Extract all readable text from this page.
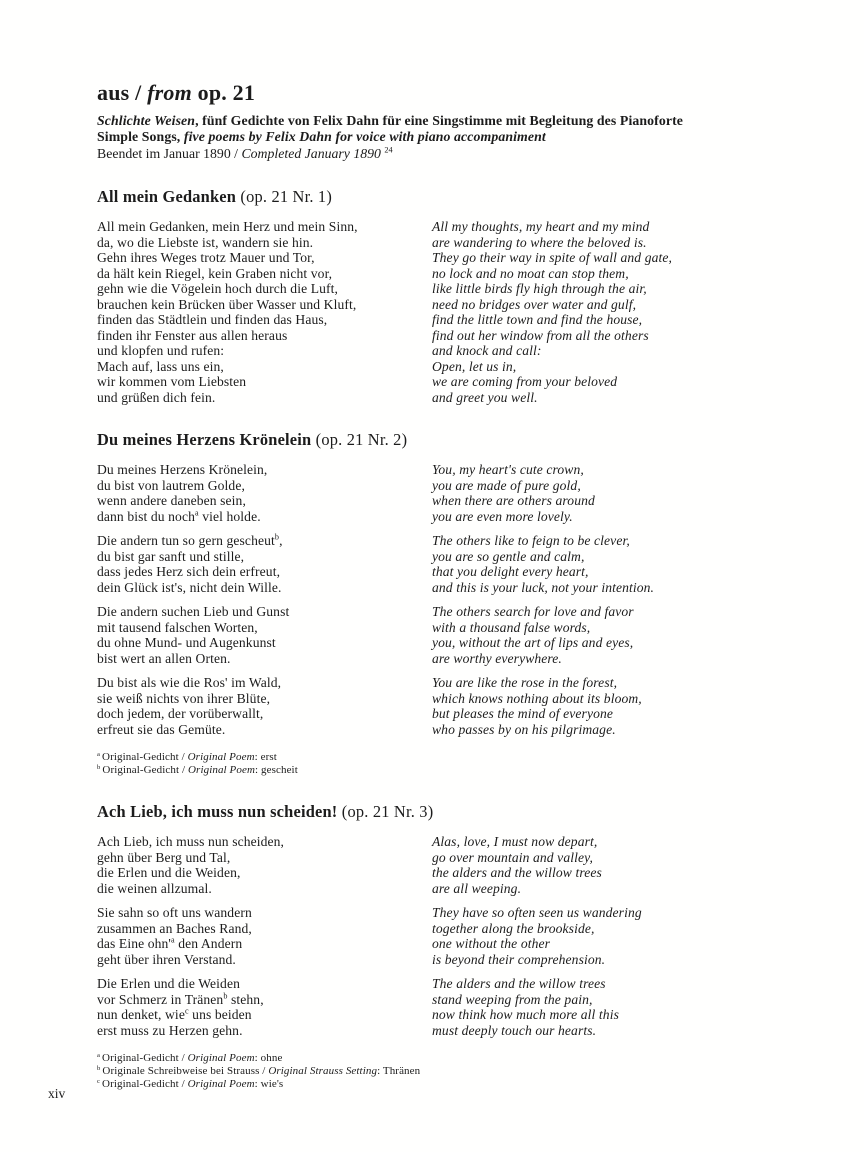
aus / from op. 21

Schlichte Weisen, fünf Gedichte von Felix Dahn für eine Singstimme mit Begleitung des Pianoforte

Simple Songs, five poems by Felix Dahn for voice with piano accompaniment

Beendet im Januar 1890 / Completed January 1890 $^{24}$

All mein Gedanken (op. 21 Nr. 1)
All mein Gedanken, mein Herz und mein Sinn,
da, wo die Liebste ist, wandern sie hin.
Gehn ihres Weges trotz Mauer und Tor,
da hält kein Riegel, kein Graben nicht vor,
gehn wie die Vögelein hoch durch die Luft,
brauchen kein Brücken über Wasser und Kluft,
finden das Städtlein und finden das Haus,
finden ihr Fenster aus allen heraus
und klopfen und rufen:
Mach auf, lass uns ein,
wir kommen vom Liebsten
und grüßen dich fein.
All my thoughts, my heart and my mind
are wandering to where the beloved is.
They go their way in spite of wall and gate,
no lock and no moat can stop them,
like little birds fly high through the air,
need no bridges over water and gulf,
find the little town and find the house,
find out her window from all the others
and knock and call:
Open, let us in,
we are coming from your beloved
and greet you well.
Du meines Herzens Krönelein (op. 21 Nr. 2)
Du meines Herzens Krönelein,
du bist von lautrem Golde,
wenn andere daneben sein,
dann bist du noch$^a$ viel holde.
You, my heart's cute crown,
you are made of pure gold,
when there are others around
you are even more lovely.
Die andern tun so gern gescheut$^b$,
du bist gar sanft und stille,
dass jedes Herz sich dein erfreut,
dein Glück ist's, nicht dein Wille.
The others like to feign to be clever,
you are so gentle and calm,
that you delight every heart,
and this is your luck, not your intention.
Die andern suchen Lieb und Gunst
mit tausend falschen Worten,
du ohne Mund- und Augenkunst
bist wert an allen Orten.
The others search for love and favor
with a thousand false words,
you, without the art of lips and eyes,
are worthy everywhere.
Du bist als wie die Ros' im Wald,
sie weiß nichts von ihrer Blüte,
doch jedem, der vorüberwallt,
erfreut sie das Gemüte.
You are like the rose in the forest,
which knows nothing about its bloom,
but pleases the mind of everyone
who passes by on his pilgrimage.
$^a$ Original-Gedicht / Original Poem: erst
$^b$ Original-Gedicht / Original Poem: gescheit
Ach Lieb, ich muss nun scheiden! (op. 21 Nr. 3)
Ach Lieb, ich muss nun scheiden,
gehn über Berg und Tal,
die Erlen und die Weiden,
die weinen allzumal.
Alas, love, I must now depart,
go over mountain and valley,
the alders and the willow trees
are all weeping.
Sie sahn so oft uns wandern
zusammen an Baches Rand,
das Eine $ohn'^a$ den Andern
geht über ihren Verstand.
They have so often seen us wandering
together along the brookside,
one without the other
is beyond their comprehension.
Die Erlen und die Weiden
vor Schmerz in Tränen$^b$ stehn,
nun denket, wie$^c$ uns beiden
erst muss zu Herzen gehn.
The alders and the willow trees
stand weeping from the pain,
now think how much more all this
must deeply touch our hearts.
$^a$ Original-Gedicht / Original Poem: ohne
$^b$ Originale Schreibweise bei Strauss / Original Strauss Setting: Thränen
$^c$ Original-Gedicht / Original Poem: wie's
xiv
